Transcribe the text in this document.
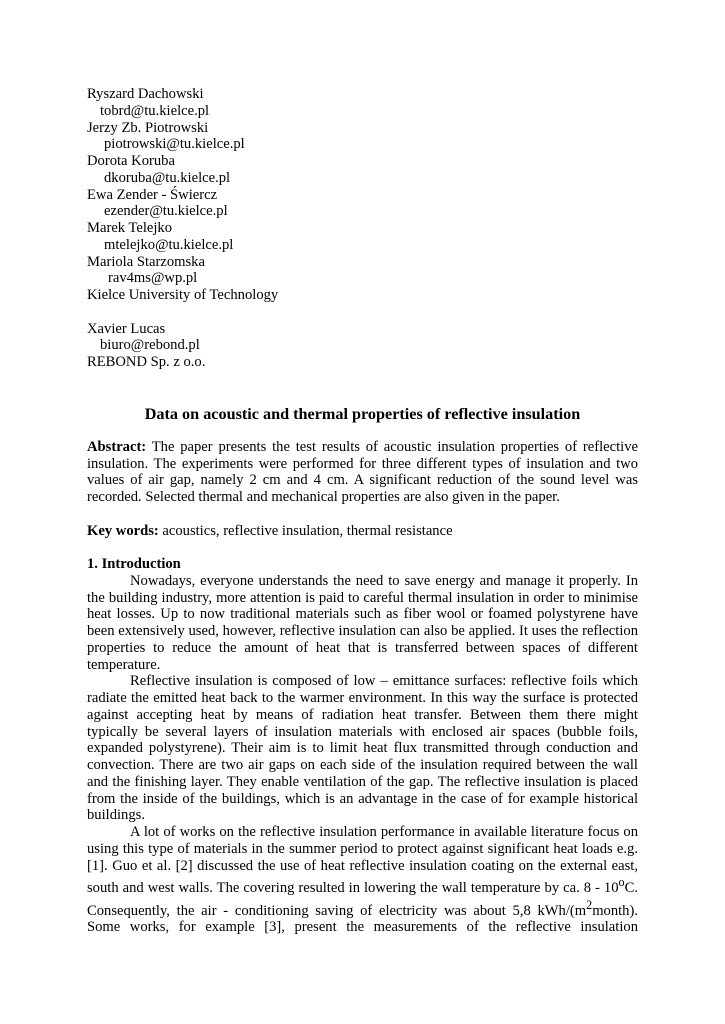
Ryszard Dachowski
tobrd@tu.kielce.pl
Jerzy Zb. Piotrowski
piotrowski@tu.kielce.pl
Dorota Koruba
dkoruba@tu.kielce.pl
Ewa Zender - Świercz
ezender@tu.kielce.pl
Marek Telejko
mtelejko@tu.kielce.pl
Mariola Starzomska
rav4ms@wp.pl
Kielce University of Technology
Xavier Lucas
biuro@rebond.pl
REBOND Sp. z o.o.
Data on acoustic and thermal properties of reflective insulation
Abstract: The paper presents the test results of acoustic insulation properties of reflective insulation. The experiments were performed for three different types of insulation and two values of air gap, namely 2 cm and 4 cm. A significant reduction of the sound level was recorded. Selected thermal and mechanical properties are also given in the paper.
Key words: acoustics, reflective insulation, thermal resistance
1. Introduction

Nowadays, everyone understands the need to save energy and manage it properly. In the building industry, more attention is paid to careful thermal insulation in order to minimise heat losses. Up to now traditional materials such as fiber wool or foamed polystyrene have been extensively used, however, reflective insulation can also be applied. It uses the reflection properties to reduce the amount of heat that is transferred between spaces of different temperature.

Reflective insulation is composed of low – emittance surfaces: reflective foils which radiate the emitted heat back to the warmer environment. In this way the surface is protected against accepting heat by means of radiation heat transfer. Between them there might typically be several layers of insulation materials with enclosed air spaces (bubble foils, expanded polystyrene). Their aim is to limit heat flux transmitted through conduction and convection. There are two air gaps on each side of the insulation required between the wall and the finishing layer. They enable ventilation of the gap. The reflective insulation is placed from the inside of the buildings, which is an advantage in the case of for example historical buildings.

A lot of works on the reflective insulation performance in available literature focus on using this type of materials in the summer period to protect against significant heat loads e.g. [1]. Guo et al. [2] discussed the use of heat reflective insulation coating on the external east, south and west walls. The covering resulted in lowering the wall temperature by ca. 8 - 10$^o$C. Consequently, the air - conditioning saving of electricity was about 5,8 kWh/$(m^2month)$. Some works, for example [3], present the measurements of the reflective insulation
